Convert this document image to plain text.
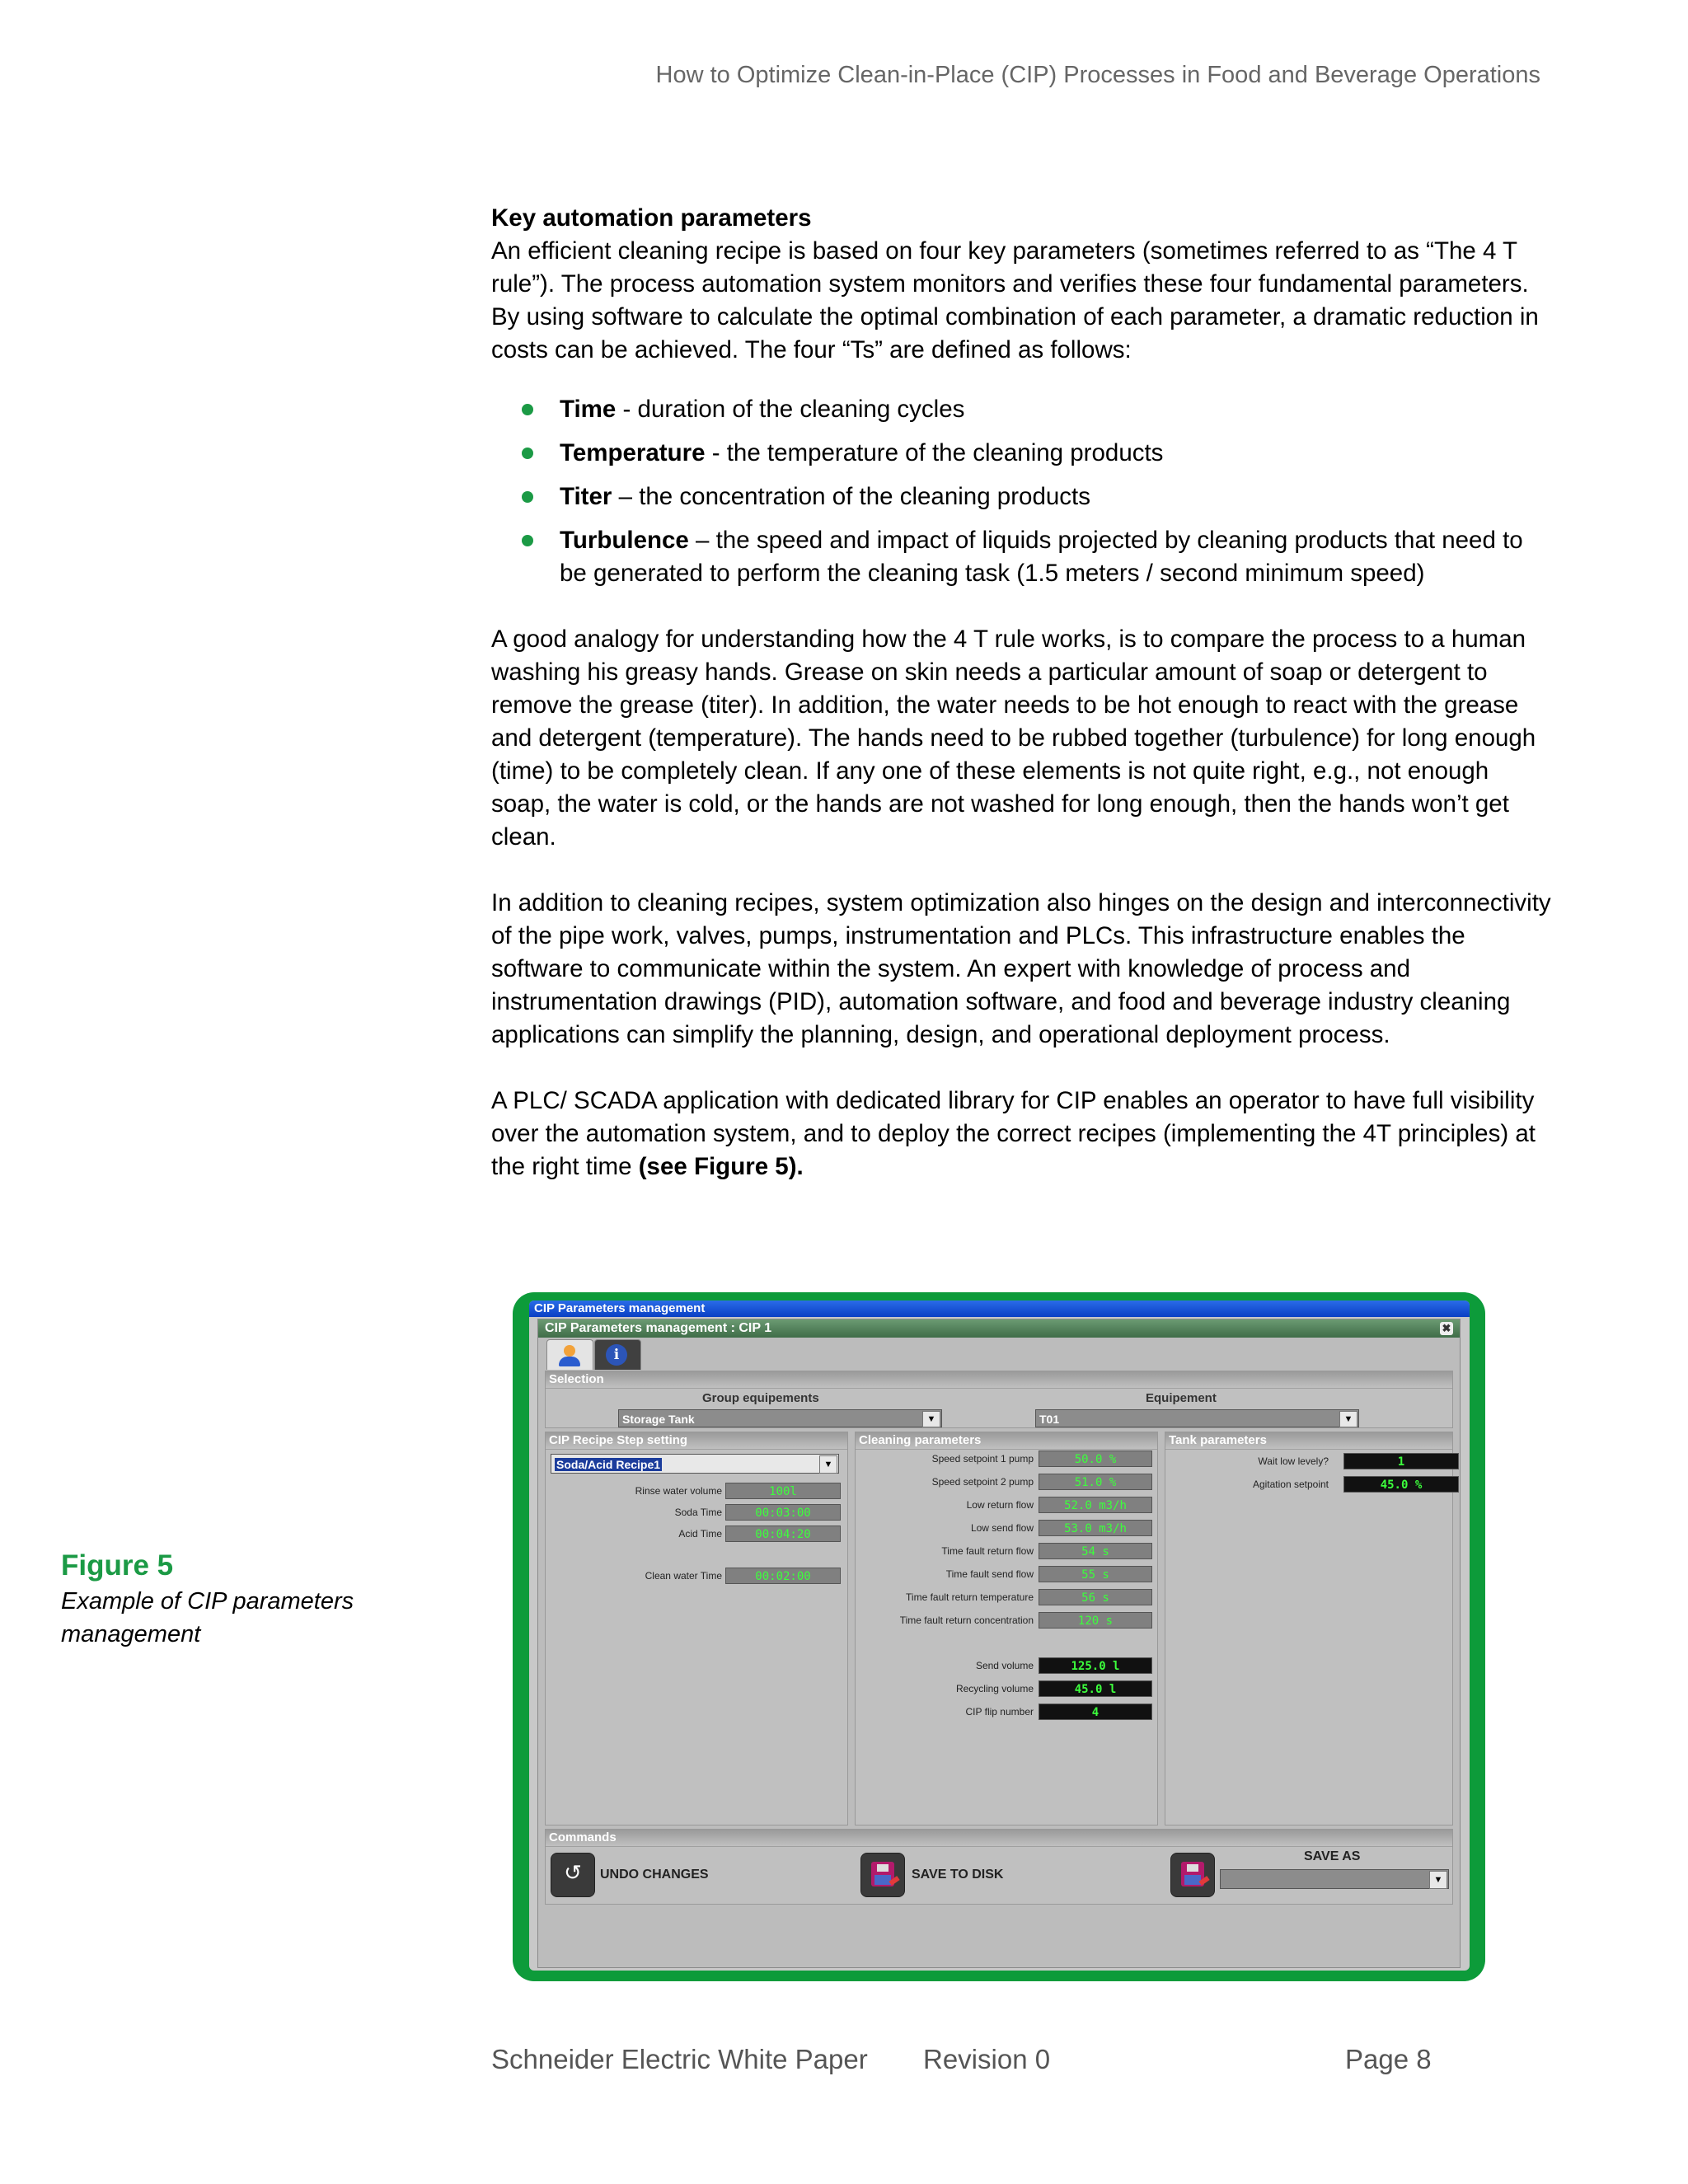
How to Optimize Clean-in-Place (CIP) Processes in Food and Beverage Operations

Key automation parameters

An efficient cleaning recipe is based on four key parameters (sometimes referred to as “The 4 T rule”). The process automation system monitors and verifies these four fundamental parameters. By using software to calculate the optimal combination of each parameter, a dramatic reduction in costs can be achieved. The four “Ts” are defined as follows:

Time - duration of the cleaning cycles
Temperature - the temperature of the cleaning products
Titer – the concentration of the cleaning products
Turbulence – the speed and impact of liquids projected by cleaning products that need to be generated to perform the cleaning task (1.5 meters / second minimum speed)

A good analogy for understanding how the 4 T rule works, is to compare the process to a human washing his greasy hands. Grease on skin needs a particular amount of soap or detergent to remove the grease (titer). In addition, the water needs to be hot enough to react with the grease and detergent (temperature). The hands need to be rubbed together (turbulence) for long enough (time) to be completely clean. If any one of these elements is not quite right, e.g., not enough soap, the water is cold, or the hands are not washed for long enough, then the hands won’t get clean.

In addition to cleaning recipes, system optimization also hinges on the design and interconnectivity of the pipe work, valves, pumps, instrumentation and PLCs. This infrastructure enables the software to communicate within the system. An expert with knowledge of process and instrumentation drawings (PID), automation software, and food and beverage industry cleaning applications can simplify the planning, design, and operational deployment process.

A PLC/ SCADA application with dedicated library for CIP enables an operator to have full visibility over the automation system, and to deploy the correct recipes (implementing the 4T principles) at the right time (see Figure 5).

Figure 5
Example of CIP parameters management
CIP Parameters management
CIP Parameters management : CIP 1	✖
i
Selection
Group equipements
Storage Tank	▼
Equipement
T01	▼
CIP Recipe Step setting
Soda/Acid Recipe1	▼
Rinse water volume	100l
Soda Time	00:03:00
Acid Time	00:04:20
Clean water Time	00:02:00
Cleaning parameters
Speed setpoint 1 pump	50.0 %
Speed setpoint 2 pump	51.0 %
Low return flow	52.0 m3/h
Low send flow	53.0 m3/h
Time fault return flow	54 s
Time fault send flow	55 s
Time fault return temperature	56 s
Time fault return concentration	120 s
Send volume	125.0 l
Recycling volume	45.0 l
CIP flip number	4
Tank parameters
Wait low levely?	1
Agitation setpoint	45.0 %
Commands
↺ UNDO CHANGES	SAVE TO DISK
SAVE AS
▼
Schneider Electric White Paper Revision 0	Page 8
